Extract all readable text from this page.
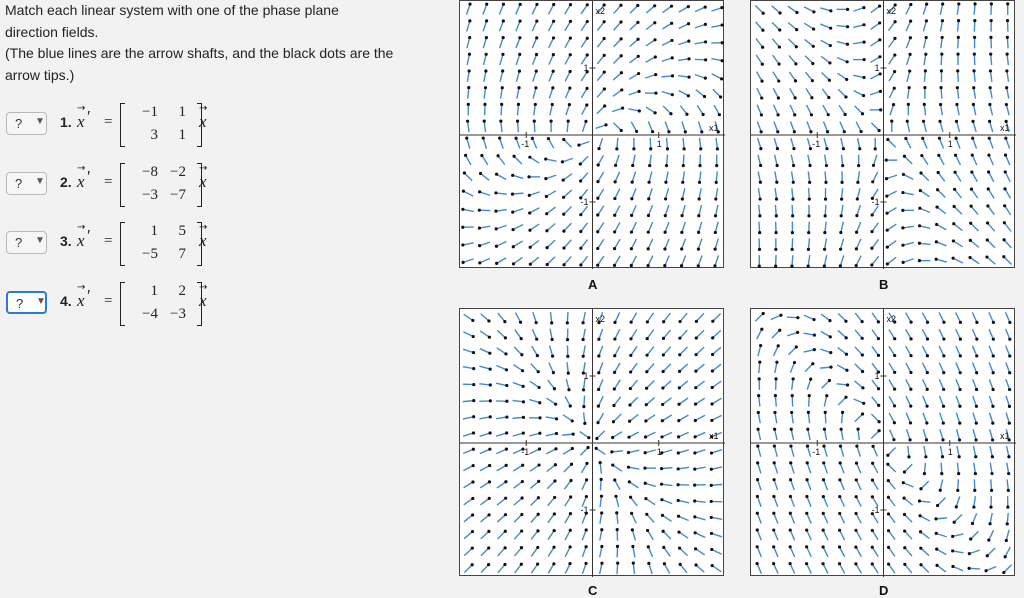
Match each linear system with one of the phase plane
direction fields.
(The blue lines are the arrow shafts, and the black dots are the
arrow tips.)
? ▼ 1. x
→ ′ =
−1	1
3	1
x
→
? ▼ 2. x
→ ′ =
−8 −2
−3 −7
x
→
? ▼ 3. x
→ ′ =
1	5
−5	7
x
→
? ▼ 4. x
→ ′ =
1	2
−4 −3
x
→
x2
x1
1
-1
1
-1
A
x2
x1
1
-1
1
-1
B
x2
x1
1
-1
1
-1
C
x2
x1
1
-1
1
-1
D
